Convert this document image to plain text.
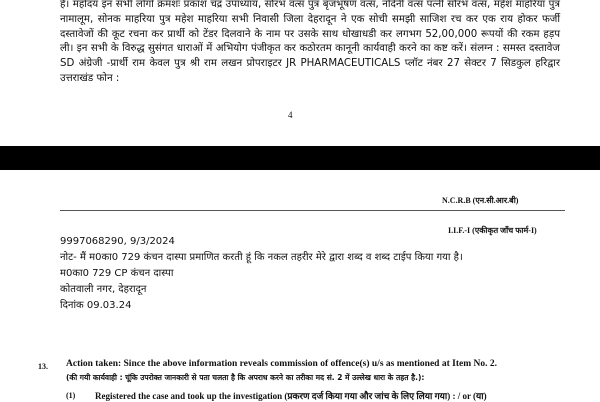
हैं। महोदय इन सभी लोगों क्रमशः प्रकाश चंद्र उपाध्याय, सौरभ वत्स पुत्र बृजभूषण वत्स, नंदिनी वत्स पत्नी सौरभ वत्स, महेश माहरिया पुत्र नामालूम, सोनक माहरिया पुत्र महेश माहरिया सभी निवासी जिला देहरादून ने एक सोची समझी साजिश रच कर एक राय होकर फर्जी दस्तावेजों की कूट रचना कर प्रार्थी को टेंडर दिलवाने के नाम पर उसके साथ धोखाधडी कर लगभग 52,00,000 रूपयों की रकम हड़प ली। इन सभी के विरुद्ध सुसंगत धाराओं में अभियोग पंजीकृत कर कठोरतम कानूनी कार्यवाही करने का कष्ट करें। संलग्न : समस्त दस्तावेज SD अंग्रेजी -प्रार्थी राम केवल पुत्र श्री राम लखन प्रोपराइटर JR PHARMACEUTICALS प्लॉट नंबर 27 सेक्टर 7 सिडकुल हरिद्वार उत्तराखंड फोन :
4
N.C.R.B (एन.सी.आर.बी)
I.I.F.-I (एकीकृत जाँच फार्म-I)
9997068290, 9/3/2024
नोट- मैं म0का0 729 कंचन दास्पा प्रमाणित करती हूं कि नकल तहरीर मेरे द्वारा शब्द व शब्द टाईप किया गया है।
म0का0 729 CP कंचन दास्पा
कोतवाली नगर, देहरादून
दिनांक 09.03.24
13. Action taken: Since the above information reveals commission of offence(s) u/s as mentioned at Item No. 2.
(की गयी कार्यवाही : चूंकि उपरोक्त जानकारी से पता चलता है कि अपराध करने का तरीका मद सं. 2 में उल्लेख धारा के तहत है.):
(1) Registered the case and took up the investigation (प्रकरण दर्ज किया गया और जांच के लिए लिया गया) : / or (या)
